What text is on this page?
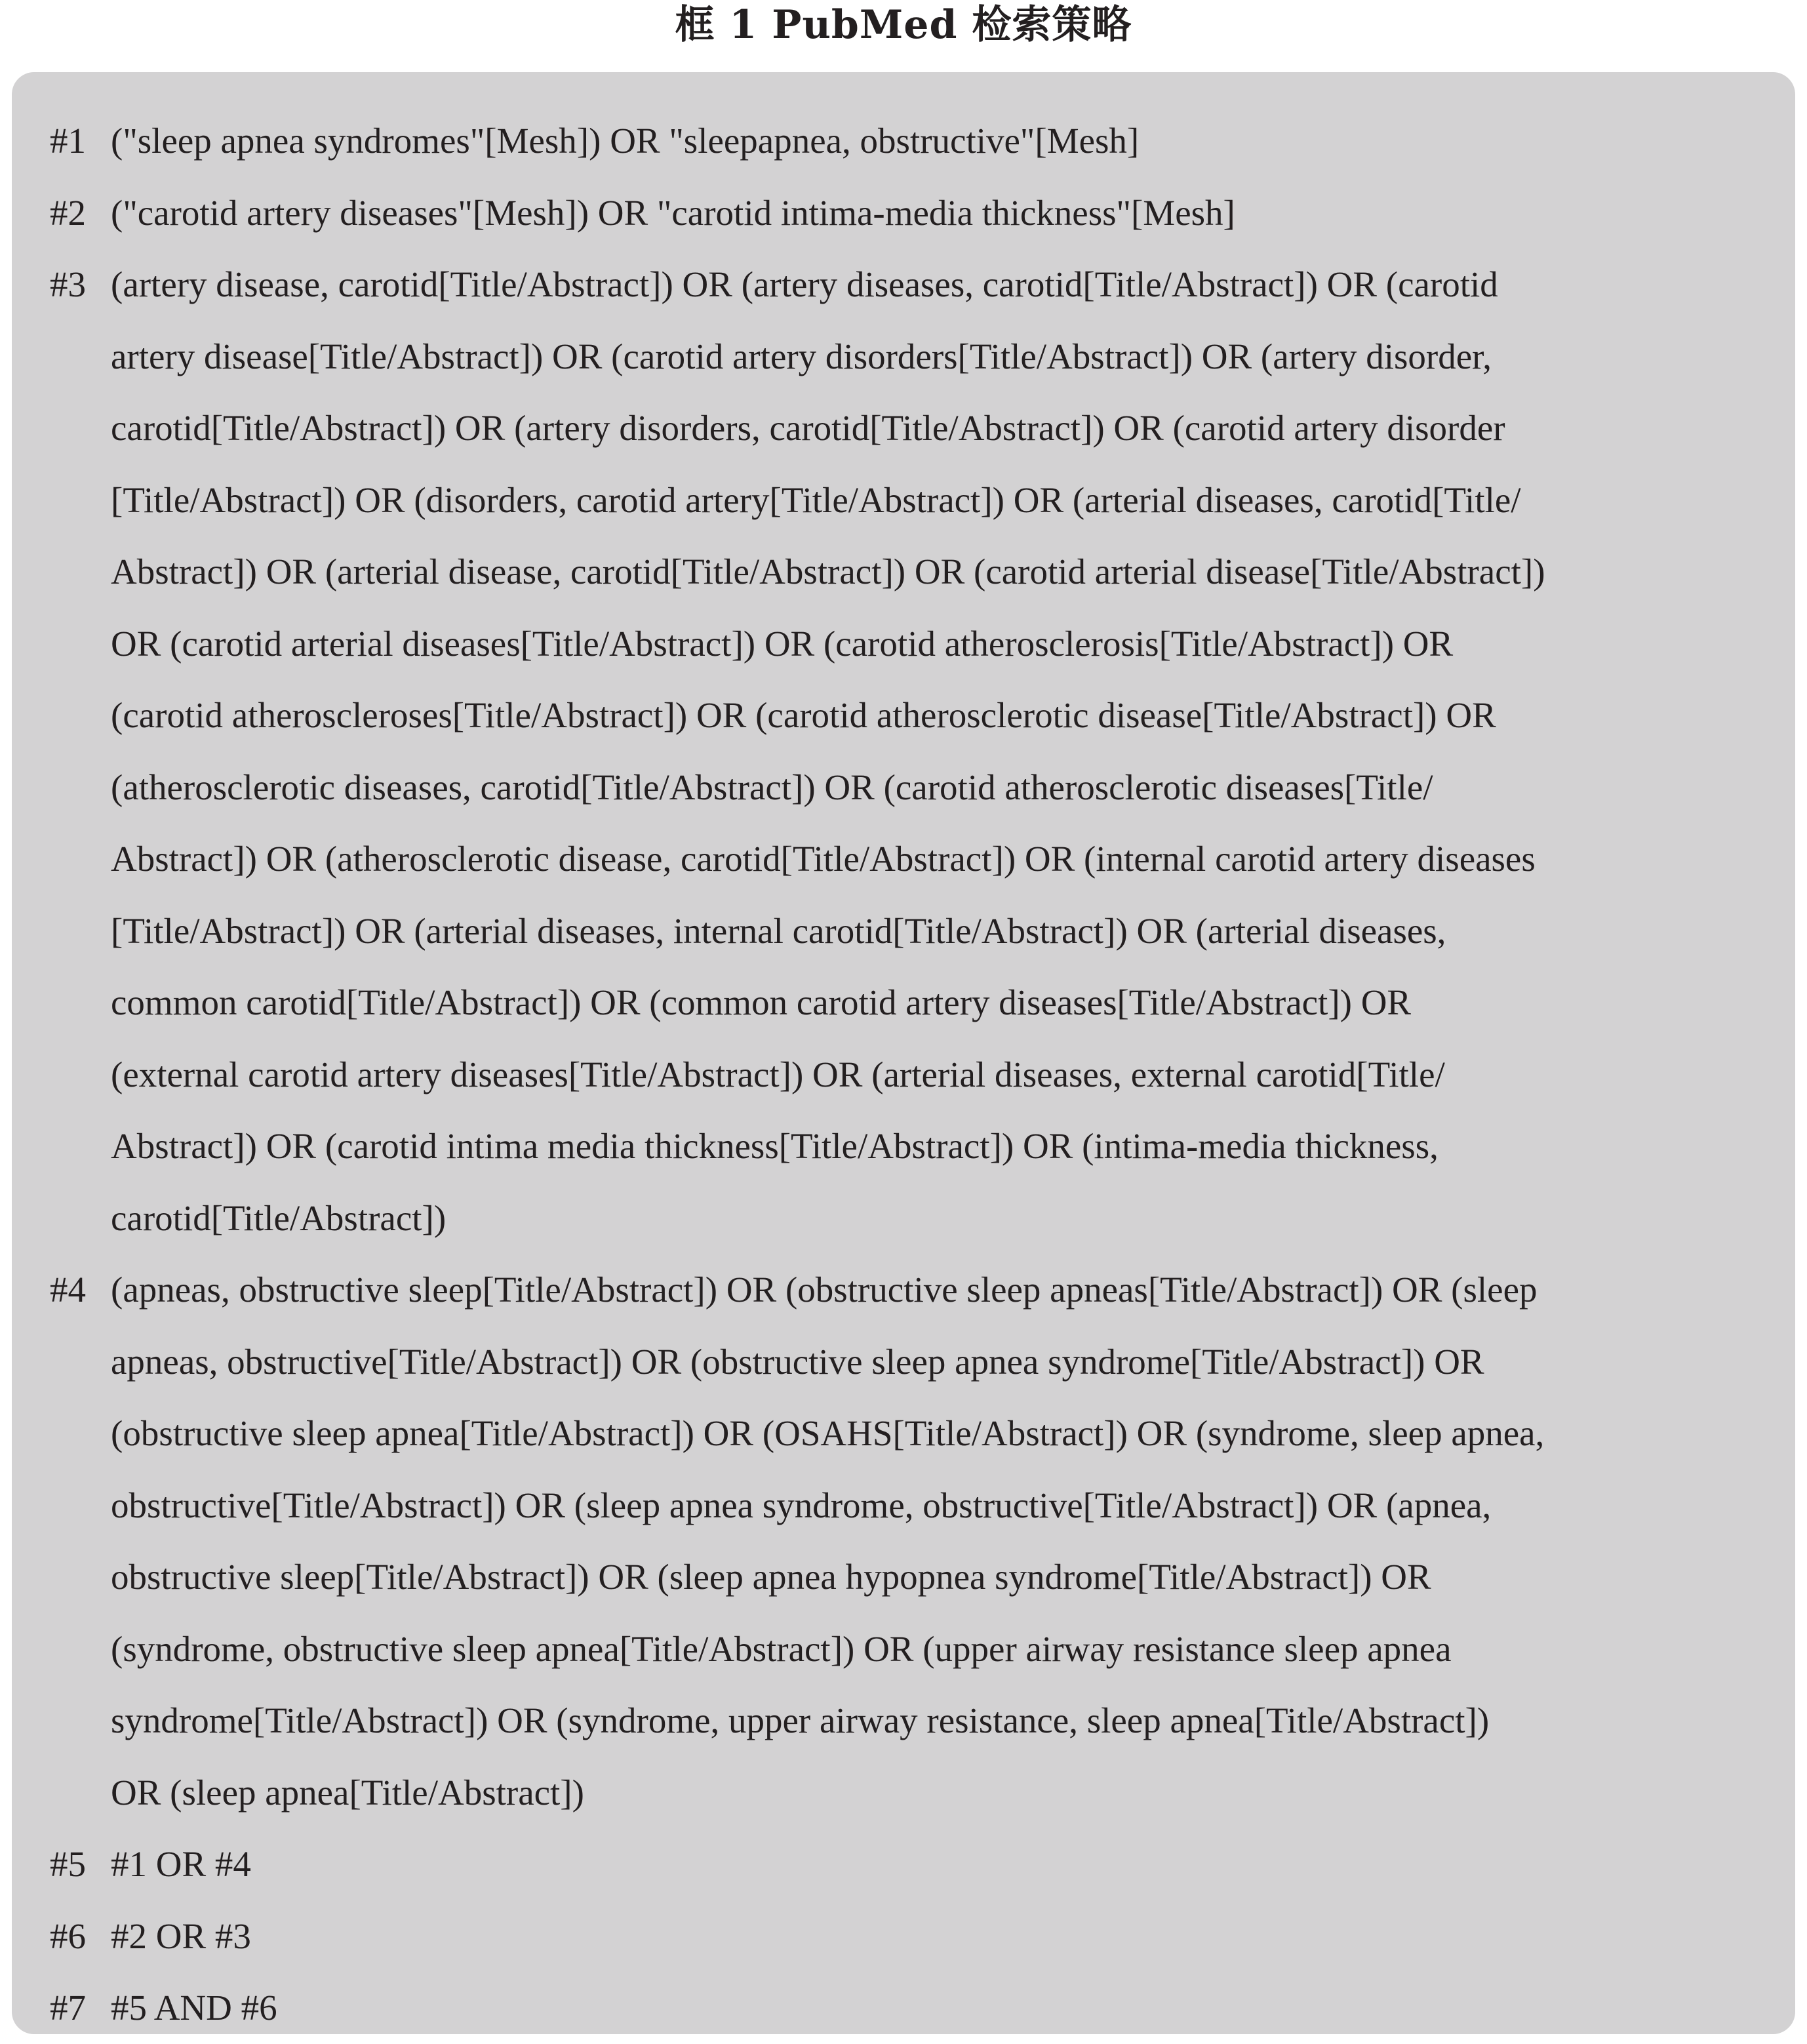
框 1 PubMed 检索策略
#1 ("sleep apnea syndromes"[Mesh]) OR "sleepapnea, obstructive"[Mesh]
#2 ("carotid artery diseases"[Mesh]) OR "carotid intima-media thickness"[Mesh]
#3 (artery disease, carotid[Title/Abstract]) OR (artery diseases, carotid[Title/Abstract]) OR (carotid
artery disease[Title/Abstract]) OR (carotid artery disorders[Title/Abstract]) OR (artery disorder,
carotid[Title/Abstract]) OR (artery disorders, carotid[Title/Abstract]) OR (carotid artery disorder
[Title/Abstract]) OR (disorders, carotid artery[Title/Abstract]) OR (arterial diseases, carotid[Title/
Abstract]) OR (arterial disease, carotid[Title/Abstract]) OR (carotid arterial disease[Title/Abstract])
OR (carotid arterial diseases[Title/Abstract]) OR (carotid atherosclerosis[Title/Abstract]) OR
(carotid atheroscleroses[Title/Abstract]) OR (carotid atherosclerotic disease[Title/Abstract]) OR
(atherosclerotic diseases, carotid[Title/Abstract]) OR (carotid atherosclerotic diseases[Title/
Abstract]) OR (atherosclerotic disease, carotid[Title/Abstract]) OR (internal carotid artery diseases
[Title/Abstract]) OR (arterial diseases, internal carotid[Title/Abstract]) OR (arterial diseases,
common carotid[Title/Abstract]) OR (common carotid artery diseases[Title/Abstract]) OR
(external carotid artery diseases[Title/Abstract]) OR (arterial diseases, external carotid[Title/
Abstract]) OR (carotid intima media thickness[Title/Abstract]) OR (intima-media thickness,
carotid[Title/Abstract])
#4 (apneas, obstructive sleep[Title/Abstract]) OR (obstructive sleep apneas[Title/Abstract]) OR (sleep
apneas, obstructive[Title/Abstract]) OR (obstructive sleep apnea syndrome[Title/Abstract]) OR
(obstructive sleep apnea[Title/Abstract]) OR (OSAHS[Title/Abstract]) OR (syndrome, sleep apnea,
obstructive[Title/Abstract]) OR (sleep apnea syndrome, obstructive[Title/Abstract]) OR (apnea,
obstructive sleep[Title/Abstract]) OR (sleep apnea hypopnea syndrome[Title/Abstract]) OR
(syndrome, obstructive sleep apnea[Title/Abstract]) OR (upper airway resistance sleep apnea
syndrome[Title/Abstract]) OR (syndrome, upper airway resistance, sleep apnea[Title/Abstract])
OR (sleep apnea[Title/Abstract])
#5 #1 OR #4
#6 #2 OR #3
#7 #5 AND #6
